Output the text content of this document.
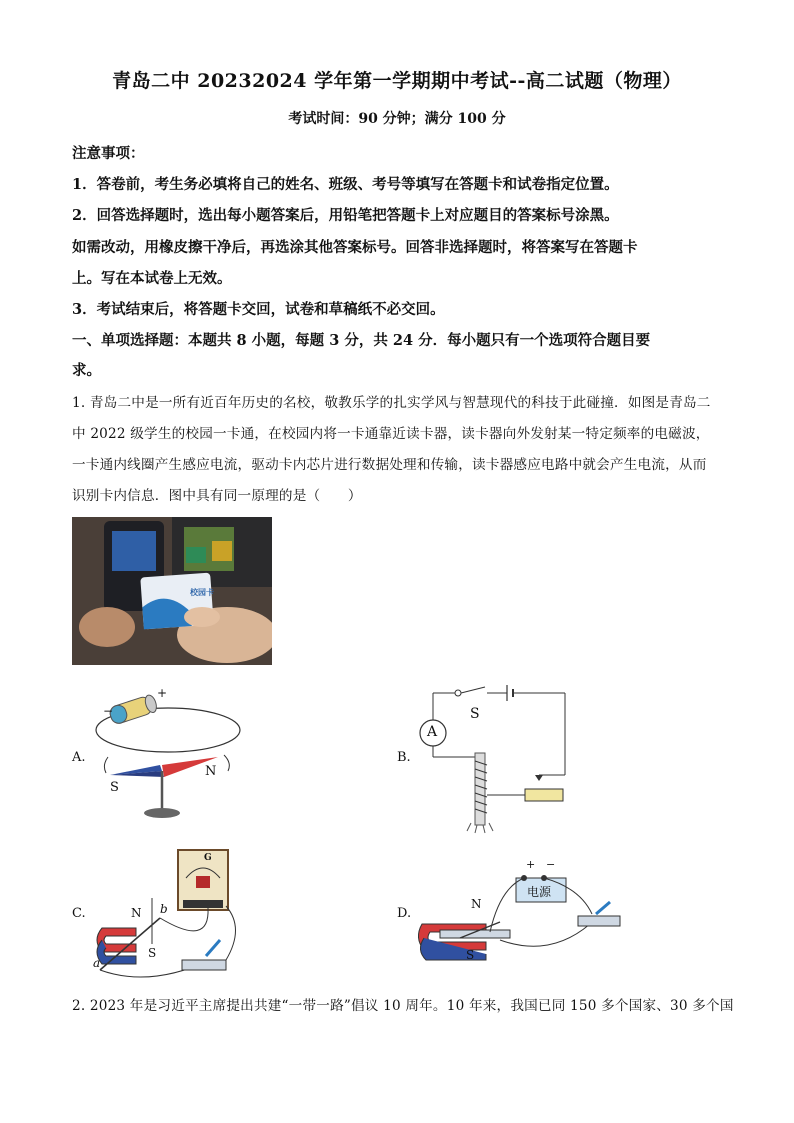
青岛二中 20232024 学年第一学期期中考试--高二试题（物理）
考试时间：90 分钟；满分 100 分
注意事项：
1．答卷前，考生务必填将自己的姓名、班级、考号等填写在答题卡和试卷指定位置。
2．回答选择题时，选出每小题答案后，用铅笔把答题卡上对应题目的答案标号涂黑。
如需改动，用橡皮擦干净后，再选涂其他答案标号。回答非选择题时，将答案写在答题卡
上。写在本试卷上无效。
3．考试结束后，将答题卡交回，试卷和草稿纸不必交回。
一、单项选择题：本题共 8 小题，每题 3 分，共 24 分．每小题只有一个选项符合题目要
求。
1. 青岛二中是一所有近百年历史的名校，敬教乐学的扎实学风与智慧现代的科技于此碰撞．如图是青岛二
中 2022 级学生的校园一卡通，在校园内将一卡通靠近读卡器，读卡器向外发射某一特定频率的电磁波，
一卡通内线圈产生感应电流，驱动卡内芯片进行数据处理和传输，读卡器感应电路中就会产生电流，从而
识别卡内信息．图中具有同一原理的是（　　）
校园卡
A.
−
+
S
N
B.
A
S
C.
G
N
S
a
b	D.
+ −
电源
N
S
2. 2023 年是习近平主席提出共建“一带一路”倡议 10 周年。10 年来，我国已同 150 多个国家、30 多个国
